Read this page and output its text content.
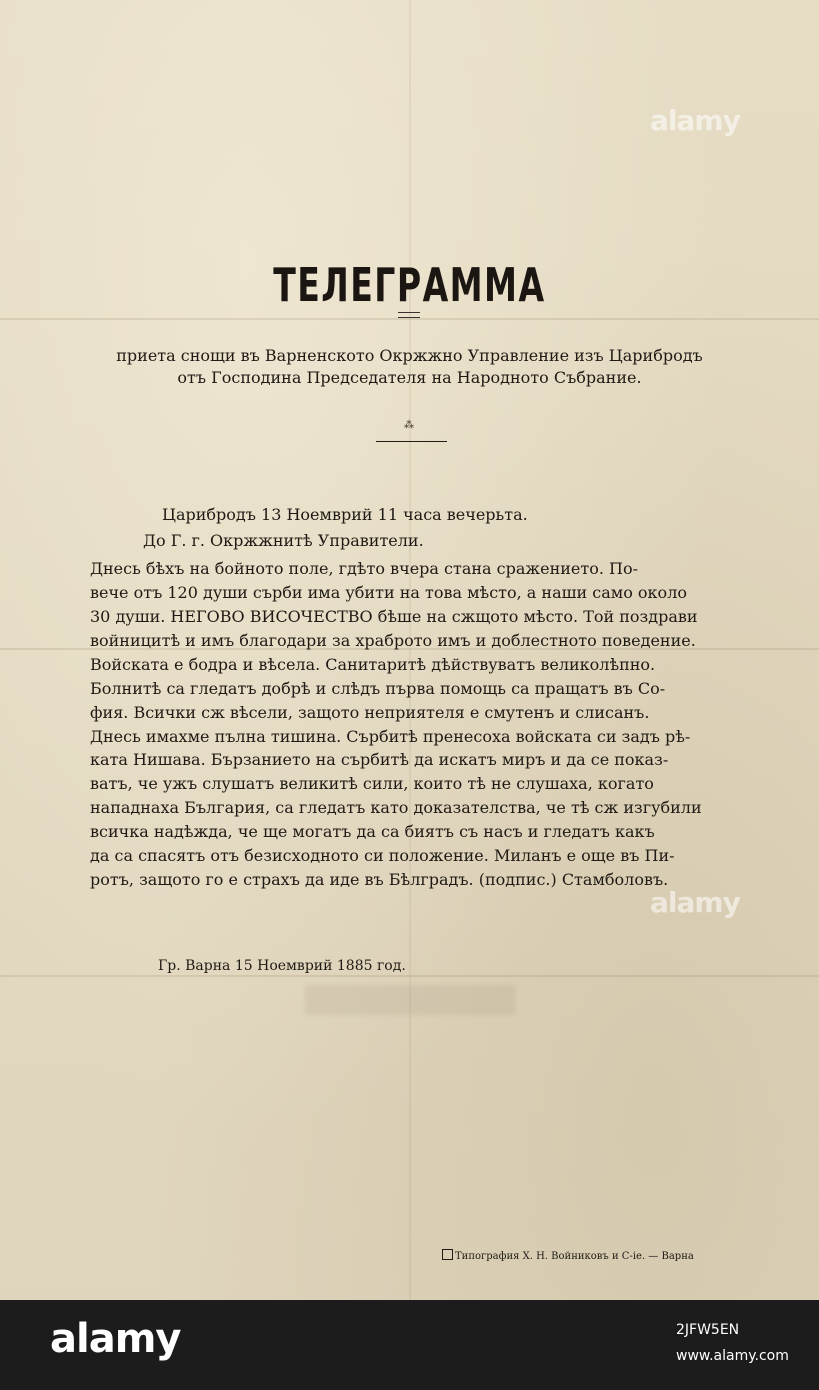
alamy
alamy
ТЕЛЕГРАММА
приета снощи въ Варненското Окржжно Управление изъ Царибродъ
отъ Господина Председателя на Народното Събрание.
⁂
Царибродъ 13 Ноемврий 11 часа вечерьта.
До Г. г. Окржжнитѣ Управители.
Днесь бѣхъ на бойното поле, гдѣто вчера стана сражението. По-
вече отъ 120 души сърби има убити на това мѣсто, а наши само около
30 души. НЕГОВО ВИСОЧЕСТВО бѣше на сжщото мѣсто. Той поздрави
войницитѣ и имъ благодари за храброто имъ и доблестното поведение.
Войската е бодра и вѣсела. Санитаритѣ дѣйствуватъ великолѣпно.
Болнитѣ са гледатъ добрѣ и слѣдъ първа помощь са пращатъ въ Со-
фия. Всички сж вѣсели, защото неприятеля е смутенъ и слисанъ.
Днесь имахме пълна тишина. Сърбитѣ пренесоха войската си задъ рѣ-
ката Нишава. Бързанието на сърбитѣ да искатъ миръ и да се показ-
ватъ, че ужъ слушатъ великитѣ сили, които тѣ не слушаха, когато
нападнаха България, са гледатъ като доказателства, че тѣ сж изгубили
всичка надѣжда, че ще могатъ да са биятъ съ насъ и гледатъ какъ
да са спасятъ отъ безисходното си положение. Миланъ е още въ Пи-
ротъ, защото го е страхъ да иде въ Бѣлградъ. (подпис.) Стамболовъ.
Гр. Варна 15 Ноемврий 1885 год.
Типография Х. Н. Войниковъ и С-iе. — Варна
alamy	2JFW5EN
www.alamy.com
